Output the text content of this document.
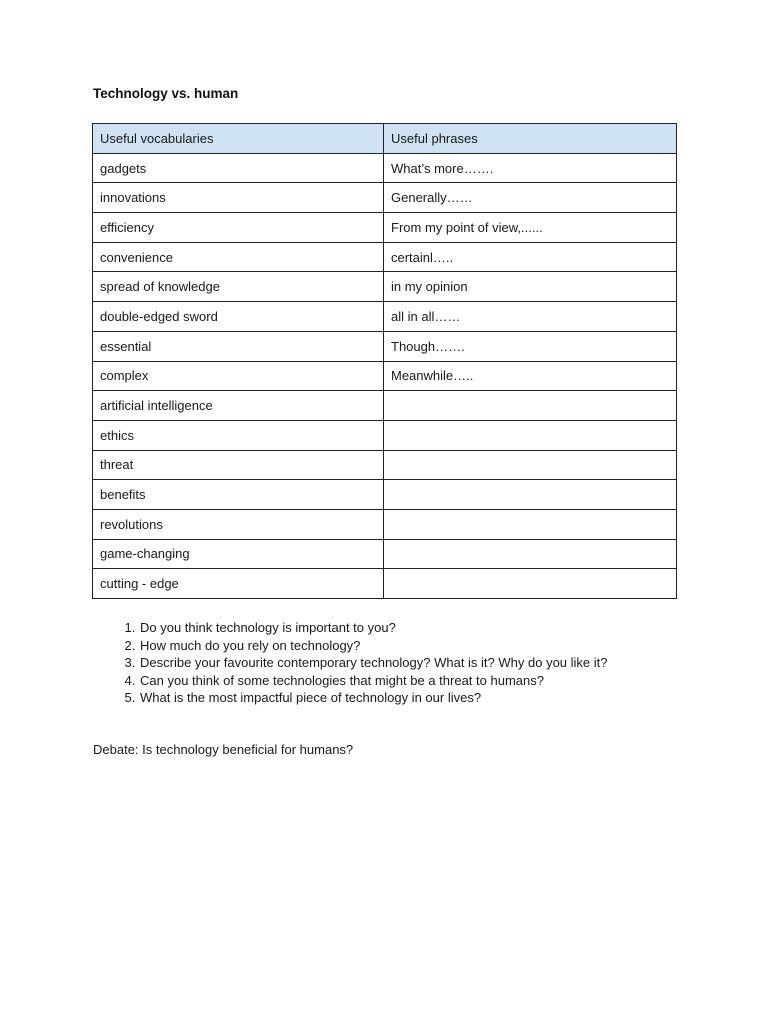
Technology vs. human
Useful vocabularies	Useful phrases
gadgets	What’s more…….
innovations	Generally……
efficiency	From my point of view,......
convenience	certainl…..
spread of knowledge	in my opinion
double-edged sword	all in all……
essential	Though…….
complex	Meanwhile…..
artificial intelligence	
ethics	
threat	
benefits	
revolutions	
game-changing	
cutting - edge	
1. Do you think technology is important to you?
2. How much do you rely on technology?
3. Describe your favourite contemporary technology? What is it? Why do you like it?
4. Can you think of some technologies that might be a threat to humans?
5. What is the most impactful piece of technology in our lives?

Debate: Is technology beneficial for humans?
